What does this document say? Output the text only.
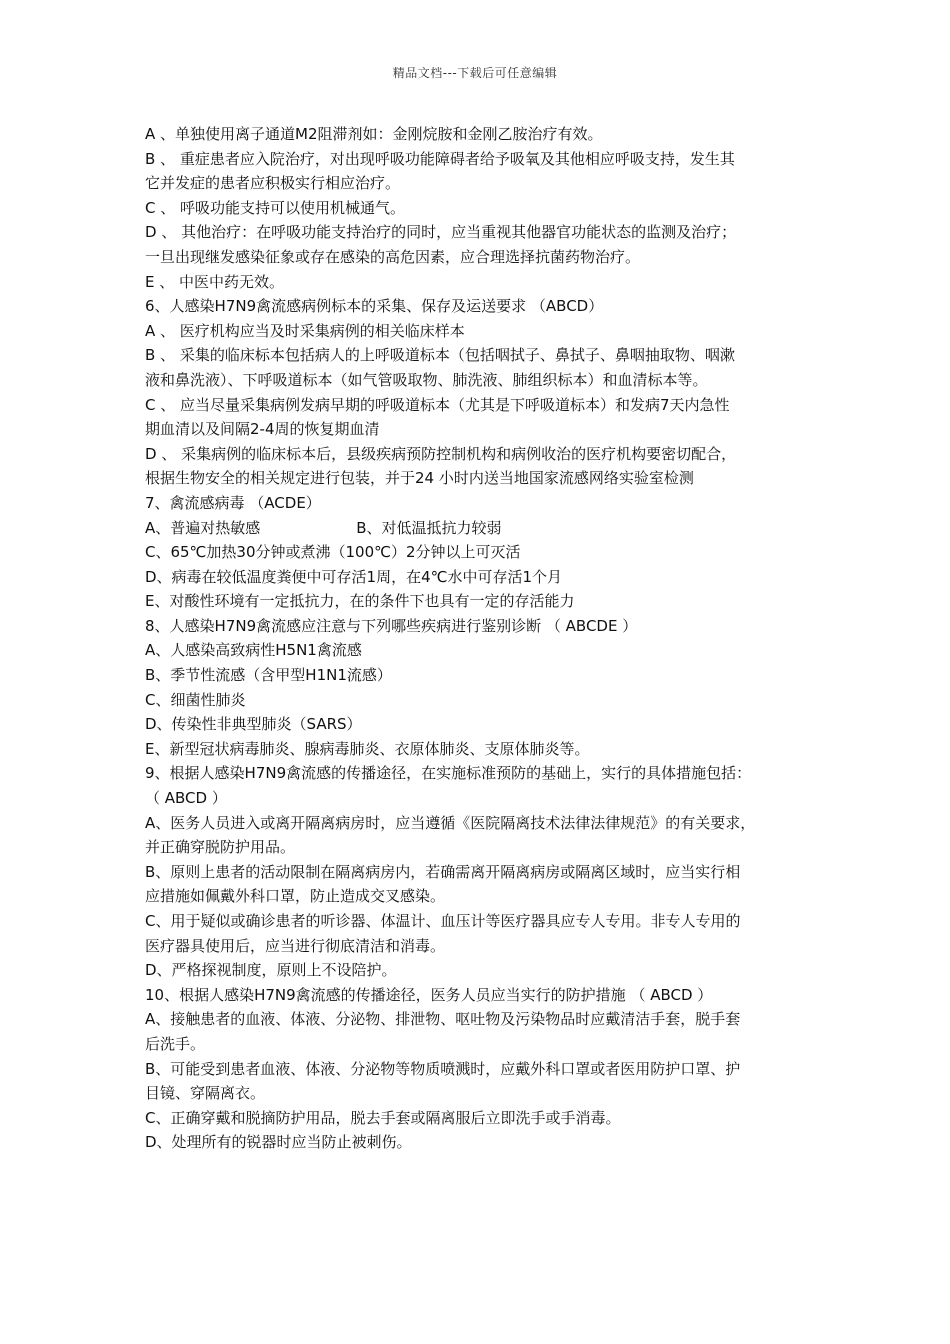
精品文档---下载后可任意编辑
A 、单独使用离子通道M2阻滞剂如：金刚烷胺和金刚乙胺治疗有效。
B 、 重症患者应入院治疗，对出现呼吸功能障碍者给予吸氧及其他相应呼吸支持，发生其
它并发症的患者应积极实行相应治疗。
C 、 呼吸功能支持可以使用机械通气。
D 、 其他治疗：在呼吸功能支持治疗的同时，应当重视其他器官功能状态的监测及治疗；
一旦出现继发感染征象或存在感染的高危因素，应合理选择抗菌药物治疗。
E 、 中医中药无效。
6、人感染H7N9禽流感病例标本的采集、保存及运送要求 （ABCD）
A 、 医疗机构应当及时采集病例的相关临床样本
B 、 采集的临床标本包括病人的上呼吸道标本（包括咽拭子、鼻拭子、鼻咽抽取物、咽漱
液和鼻洗液）、下呼吸道标本（如气管吸取物、肺洗液、肺组织标本）和血清标本等。
C 、 应当尽量采集病例发病早期的呼吸道标本（尤其是下呼吸道标本）和发病7天内急性
期血清以及间隔2-4周的恢复期血清
D 、 采集病例的临床标本后，县级疾病预防控制机构和病例收治的医疗机构要密切配合，
根据生物安全的相关规定进行包装，并于24 小时内送当地国家流感网络实验室检测
7、禽流感病毒 （ACDE）
A、普遍对热敏感	B、对低温抵抗力较弱
C、65℃加热30分钟或煮沸（100℃）2分钟以上可灭活
D、病毒在较低温度粪便中可存活1周，在4℃水中可存活1个月
E、对酸性环境有一定抵抗力，在的条件下也具有一定的存活能力
8、人感染H7N9禽流感应注意与下列哪些疾病进行鉴别诊断 （ ABCDE ）
A、人感染高致病性H5N1禽流感
B、季节性流感（含甲型H1N1流感）
C、细菌性肺炎
D、传染性非典型肺炎（SARS）
E、新型冠状病毒肺炎、腺病毒肺炎、衣原体肺炎、支原体肺炎等。
9、根据人感染H7N9禽流感的传播途径，在实施标准预防的基础上，实行的具体措施包括：
（ ABCD ）
A、医务人员进入或离开隔离病房时，应当遵循《医院隔离技术法律法律规范》的有关要求，
并正确穿脱防护用品。
B、原则上患者的活动限制在隔离病房内，若确需离开隔离病房或隔离区域时，应当实行相
应措施如佩戴外科口罩，防止造成交叉感染。
C、用于疑似或确诊患者的听诊器、体温计、血压计等医疗器具应专人专用。非专人专用的
医疗器具使用后，应当进行彻底清洁和消毒。
D、严格探视制度，原则上不设陪护。
10、根据人感染H7N9禽流感的传播途径，医务人员应当实行的防护措施 （ ABCD ）
A、接触患者的血液、体液、分泌物、排泄物、呕吐物及污染物品时应戴清洁手套，脱手套
后洗手。
B、可能受到患者血液、体液、分泌物等物质喷溅时，应戴外科口罩或者医用防护口罩、护
目镜、穿隔离衣。
C、正确穿戴和脱摘防护用品，脱去手套或隔离服后立即洗手或手消毒。
D、处理所有的锐器时应当防止被刺伤。
